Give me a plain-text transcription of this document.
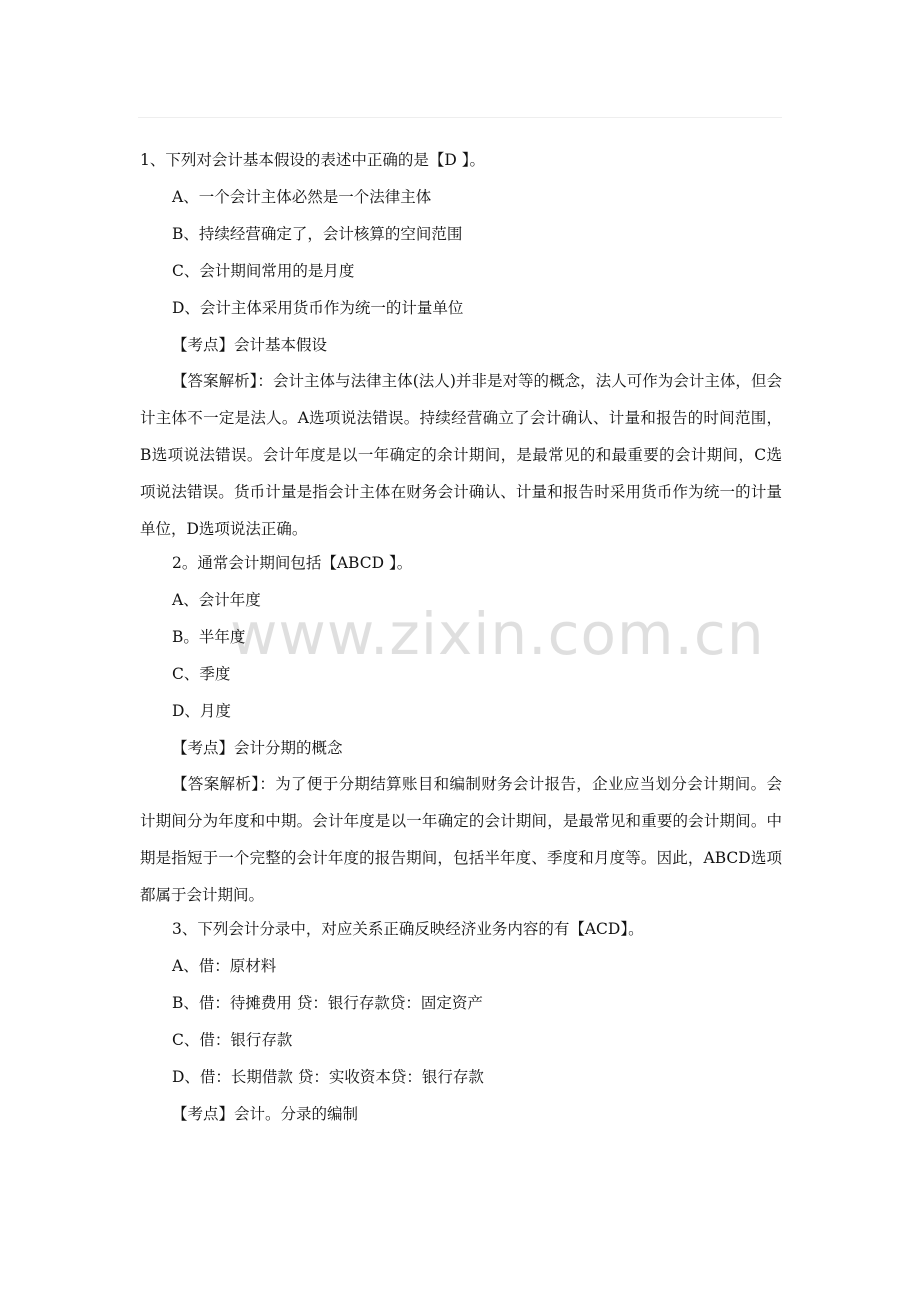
www.zixin.com.cn
1、下列对会计基本假设的表述中正确的是【D 】。
A、一个会计主体必然是一个法律主体
B、持续经营确定了，会计核算的空间范围
C、会计期间常用的是月度
D、会计主体采用货币作为统一的计量单位
【考点】会计基本假设

【答案解析】：会计主体与法律主体(法人)并非是对等的概念，法人可作为会计主体，但会计主体不一定是法人。A选项说法错误。持续经营确立了会计确认、计量和报告的时间范围，B选项说法错误。会计年度是以一年确定的余计期间，是最常见的和最重要的会计期间，C选项说法错误。货币计量是指会计主体在财务会计确认、计量和报告时采用货币作为统一的计量单位，D选项说法正确。

2。通常会计期间包括【ABCD 】。
A、会计年度
B。半年度
C、季度
D、月度
【考点】会计分期的概念

【答案解析】：为了便于分期结算账目和编制财务会计报告，企业应当划分会计期间。会计期间分为年度和中期。会计年度是以一年确定的会计期间，是最常见和重要的会计期间。中期是指短于一个完整的会计年度的报告期间，包括半年度、季度和月度等。因此，ABCD选项都属于会计期间。

3、下列会计分录中，对应关系正确反映经济业务内容的有【ACD】。
A、借：原材料
B、借：待摊费用 贷：银行存款贷：固定资产
C、借：银行存款
D、借：长期借款 贷：实收资本贷：银行存款
【考点】会计。分录的编制
